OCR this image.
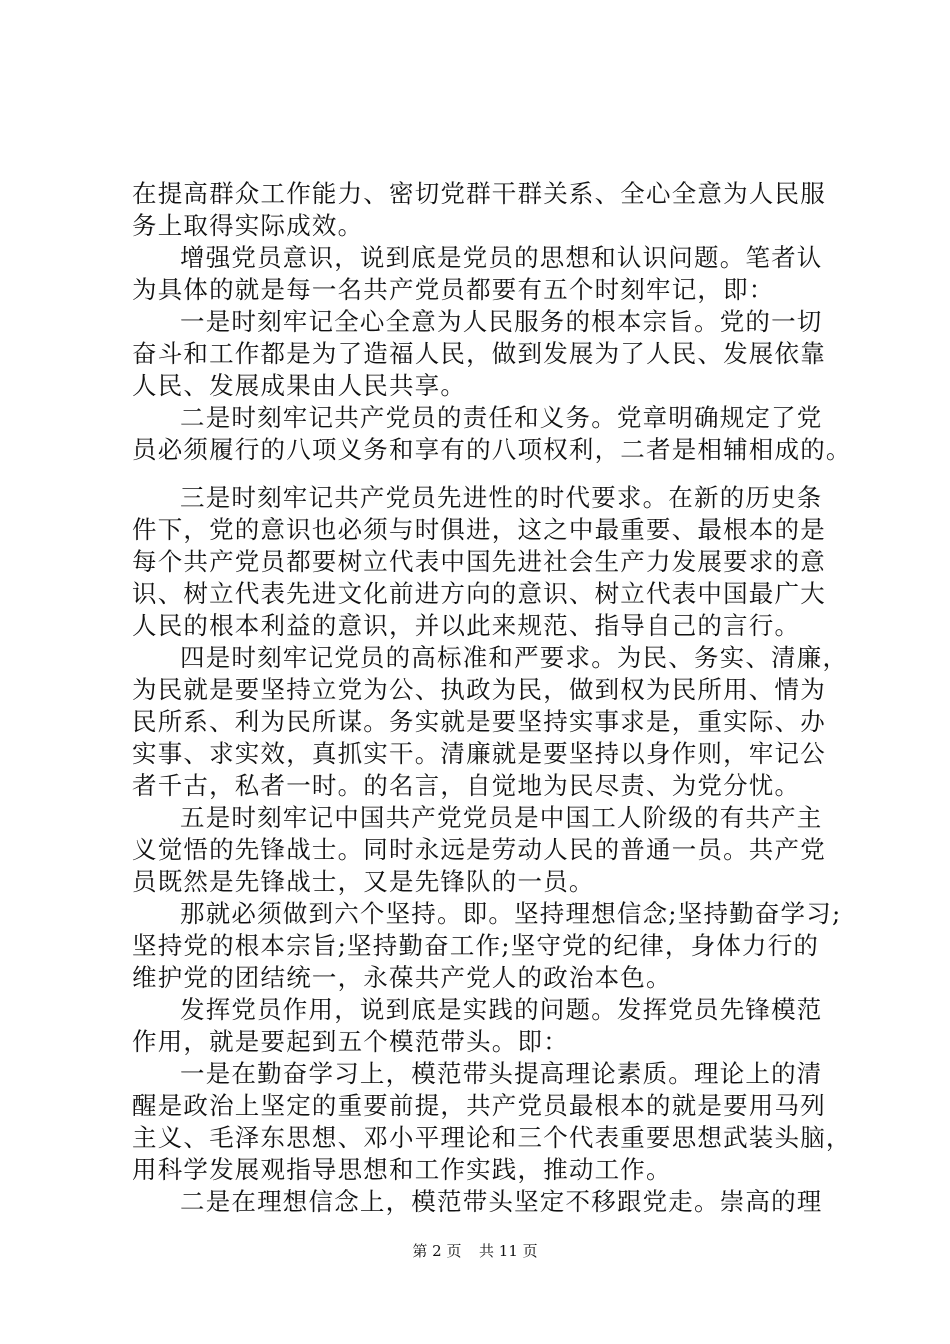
在提高群众工作能力、密切党群干群关系、全心全意为人民服
务上取得实际成效。
增强党员意识，说到底是党员的思想和认识问题。笔者认
为具体的就是每一名共产党员都要有五个时刻牢记，即：
一是时刻牢记全心全意为人民服务的根本宗旨。党的一切
奋斗和工作都是为了造福人民，做到发展为了人民、发展依靠
人民、发展成果由人民共享。
二是时刻牢记共产党员的责任和义务。党章明确规定了党
员必须履行的八项义务和享有的八项权利，二者是相辅相成的。
三是时刻牢记共产党员先进性的时代要求。在新的历史条
件下，党的意识也必须与时俱进，这之中最重要、最根本的是
每个共产党员都要树立代表中国先进社会生产力发展要求的意
识、树立代表先进文化前进方向的意识、树立代表中国最广大
人民的根本利益的意识，并以此来规范、指导自己的言行。
四是时刻牢记党员的高标准和严要求。为民、务实、清廉，
为民就是要坚持立党为公、执政为民，做到权为民所用、情为
民所系、利为民所谋。务实就是要坚持实事求是，重实际、办
实事、求实效，真抓实干。清廉就是要坚持以身作则，牢记公
者千古，私者一时。的名言，自觉地为民尽责、为党分忧。
五是时刻牢记中国共产党党员是中国工人阶级的有共产主
义觉悟的先锋战士。同时永远是劳动人民的普通一员。共产党
员既然是先锋战士，又是先锋队的一员。
那就必须做到六个坚持。即。坚持理想信念;坚持勤奋学习;
坚持党的根本宗旨;坚持勤奋工作;坚守党的纪律，身体力行的
维护党的团结统一，永葆共产党人的政治本色。
发挥党员作用，说到底是实践的问题。发挥党员先锋模范
作用，就是要起到五个模范带头。即：
一是在勤奋学习上，模范带头提高理论素质。理论上的清
醒是政治上坚定的重要前提，共产党员最根本的就是要用马列
主义、毛泽东思想、邓小平理论和三个代表重要思想武装头脑，
用科学发展观指导思想和工作实践，推动工作。
二是在理想信念上，模范带头坚定不移跟党走。崇高的理
第 2 页 共 11 页
